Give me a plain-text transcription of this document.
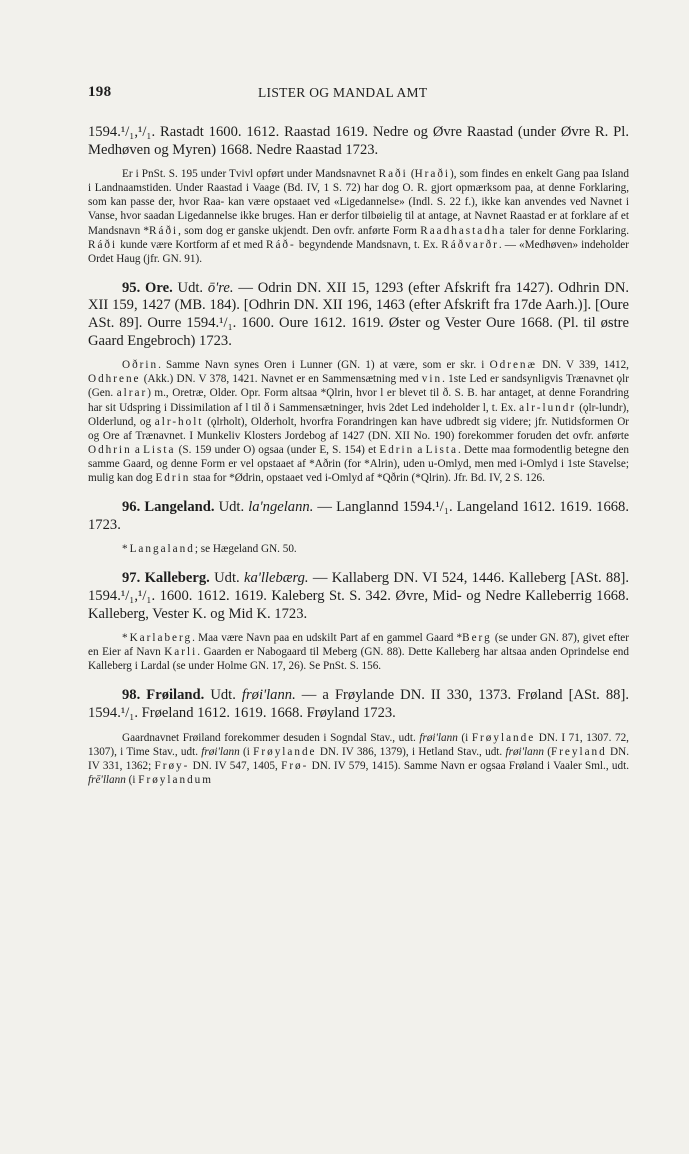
198	LISTER OG MANDAL AMT

1594.¹/₁,¹/₁. Rastadt 1600. 1612. Raastad 1619. Nedre og Øvre Raastad (under Øvre R. Pl. Medhøven og Myren) 1668. Nedre Raastad 1723.

Er i PnSt. S. 195 under Tvivl opført under Mandsnavnet Raði (Hraði), som findes en enkelt Gang paa Island i Landnaamstiden. Under Raastad i Vaage (Bd. IV, 1 S. 72) har dog O. R. gjort opmærksom paa, at denne Forklaring, som kan passe der, hvor Raa- kan være opstaaet ved «Ligedannelse» (Indl. S. 22 f.), ikke kan anvendes ved Navnet i Vanse, hvor saadan Ligedannelse ikke bruges. Han er derfor tilbøielig til at antage, at Navnet Raastad er at forklare af et Mandsnavn *Ráði, som dog er ganske ukjendt. Den ovfr. anførte Form Raadhastadha taler for denne Forklaring. Ráði kunde være Kortform af et med Ráð- begyndende Mandsnavn, t. Ex. Ráðvarðr. — «Medhøven» indeholder Ordet Haug (jfr. GN. 91).

95. Ore. Udt. ō're. — Odrin DN. XII 15, 1293 (efter Afskrift fra 1427). Odhrin DN. XII 159, 1427 (MB. 184). [Odhrin DN. XII 196, 1463 (efter Afskrift fra 17de Aarh.)]. [Oure ASt. 89]. Ourre 1594.¹/₁. 1600. Oure 1612. 1619. Øster og Vester Oure 1668. (Pl. til østre Gaard Engebroch) 1723.

Oðrin. Samme Navn synes Oren i Lunner (GN. 1) at være, som er skr. i Odrenæ DN. V 339, 1412, Odhrene (Akk.) DN. V 378, 1421. Navnet er en Sammensætning med vin. 1ste Led er sandsynligvis Trænavnet ǫlr (Gen. alrar) m., Oretræ, Older. Opr. Form altsaa *Ǫlrin, hvor l er blevet til ð. S. B. har antaget, at denne Forandring har sit Udspring i Dissimilation af l til ð i Sammensætninger, hvis 2det Led indeholder l, t. Ex. alr-lundr (ǫlr-lundr), Olderlund, og alr-holt (ǫlrholt), Olderholt, hvorfra Forandringen kan have udbredt sig videre; jfr. Nutidsformen Or og Ore af Trænavnet. I Munkeliv Klosters Jordebog af 1427 (DN. XII No. 190) forekommer foruden det ovfr. anførte Odhrin a Lista (S. 159 under O) ogsaa (under E, S. 154) et Edrin a Lista. Dette maa formodentlig betegne den samme Gaard, og denne Form er vel opstaaet af *Aðrin (for *Alrin), uden u-Omlyd, men med i-Omlyd i 1ste Stavelse; mulig kan dog Edrin staa for *Ødrin, opstaaet ved i-Omlyd af *Qðrin (*Qlrin). Jfr. Bd. IV, 2 S. 126.

96. Langeland. Udt. la'ngelann. — Langlannd 1594.¹/₁. Langeland 1612. 1619. 1668. 1723.

*Langaland; se Hægeland GN. 50.

97. Kalleberg. Udt. ka'llebærg. — Kallaberg DN. VI 524, 1446. Kalleberg [ASt. 88]. 1594.¹/₁,¹/₁. 1600. 1612. 1619. Kaleberg St. S. 342. Øvre, Mid- og Nedre Kalleberrig 1668. Kalleberg, Vester K. og Mid K. 1723.

*Karlaberg. Maa være Navn paa en udskilt Part af en gammel Gaard *Berg (se under GN. 87), givet efter en Eier af Navn Karli. Gaarden er Nabogaard til Meberg (GN. 88). Dette Kalleberg har altsaa anden Oprindelse end Kalleberg i Lardal (se under Holme GN. 17, 26). Se PnSt. S. 156.

98. Frøiland. Udt. frøi'lann. — a Frøylande DN. II 330, 1373. Frøland [ASt. 88]. 1594.¹/₁. Frøeland 1612. 1619. 1668. Frøyland 1723.

Gaardnavnet Frøiland forekommer desuden i Sogndal Stav., udt. frøi'lann (i Frøylande DN. I 71, 1307. 72, 1307), i Time Stav., udt. frøi'lann (i Frøylande DN. IV 386, 1379), i Hetland Stav., udt. frøi'lann (Freyland DN. IV 331, 1362; Frøy- DN. IV 547, 1405, Frø- DN. IV 579, 1415). Samme Navn er ogsaa Frøland i Vaaler Sml., udt. frē'llann (i Frøylandum
